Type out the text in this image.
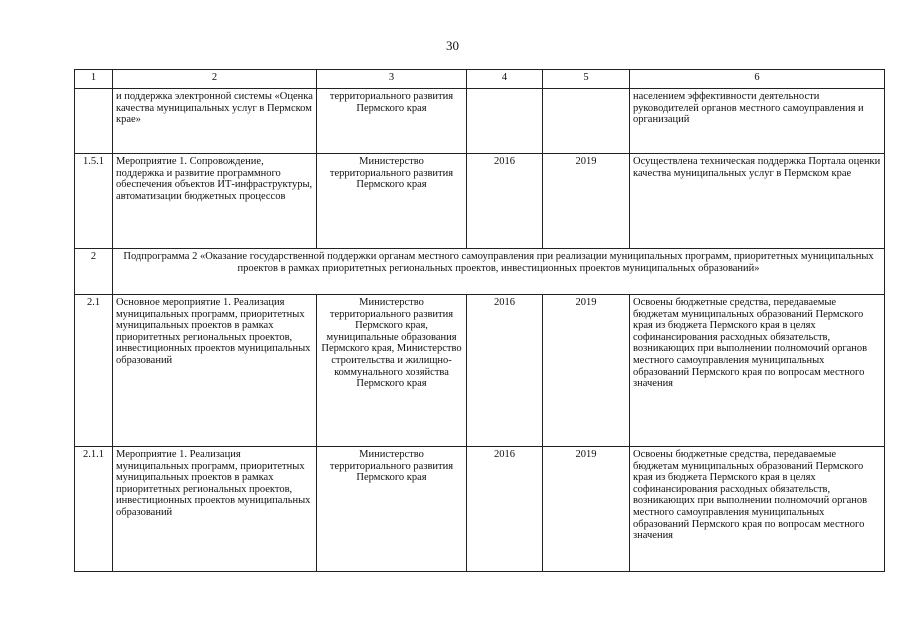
30
1	2	3	4	5	6
	и поддержка электронной системы «Оценка качества муниципальных услуг в Пермском крае»	территориального развития Пермского края			населением эффективности деятельности руководителей органов местного самоуправления и организаций
1.5.1	Мероприятие 1. Сопровождение, поддержка и развитие программного обеспечения объектов ИТ-инфраструктуры, автоматизации бюджетных процессов	Министерство территориального развития Пермского края	2016	2019	Осуществлена техническая поддержка Портала оценки качества муниципальных услуг в Пермском крае
2	Подпрограмма 2 «Оказание государственной поддержки органам местного самоуправления при реализации муниципальных программ, приоритетных муниципальных проектов в рамках приоритетных региональных проектов, инвестиционных проектов муниципальных образований»				
2.1	Основное мероприятие 1. Реализация муниципальных программ, приоритетных муниципальных проектов в рамках приоритетных региональных проектов, инвестиционных проектов муниципальных образований	Министерство территориального развития Пермского края, муниципальные образования Пермского края, Министерство строительства и жилищно-коммунального хозяйства Пермского края	2016	2019	Освоены бюджетные средства, передаваемые бюджетам муниципальных образований Пермского края из бюджета Пермского края в целях софинансирования расходных обязательств, возникающих при выполнении полномочий органов местного самоуправления муниципальных образований Пермского края по вопросам местного значения
2.1.1	Мероприятие 1. Реализация муниципальных программ, приоритетных муниципальных проектов в рамках приоритетных региональных проектов, инвестиционных проектов муниципальных образований	Министерство территориального развития Пермского края	2016	2019	Освоены бюджетные средства, передаваемые бюджетам муниципальных образований Пермского края из бюджета Пермского края в целях софинансирования расходных обязательств, возникающих при выполнении полномочий органов местного самоуправления муниципальных образований Пермского края по вопросам местного значения
